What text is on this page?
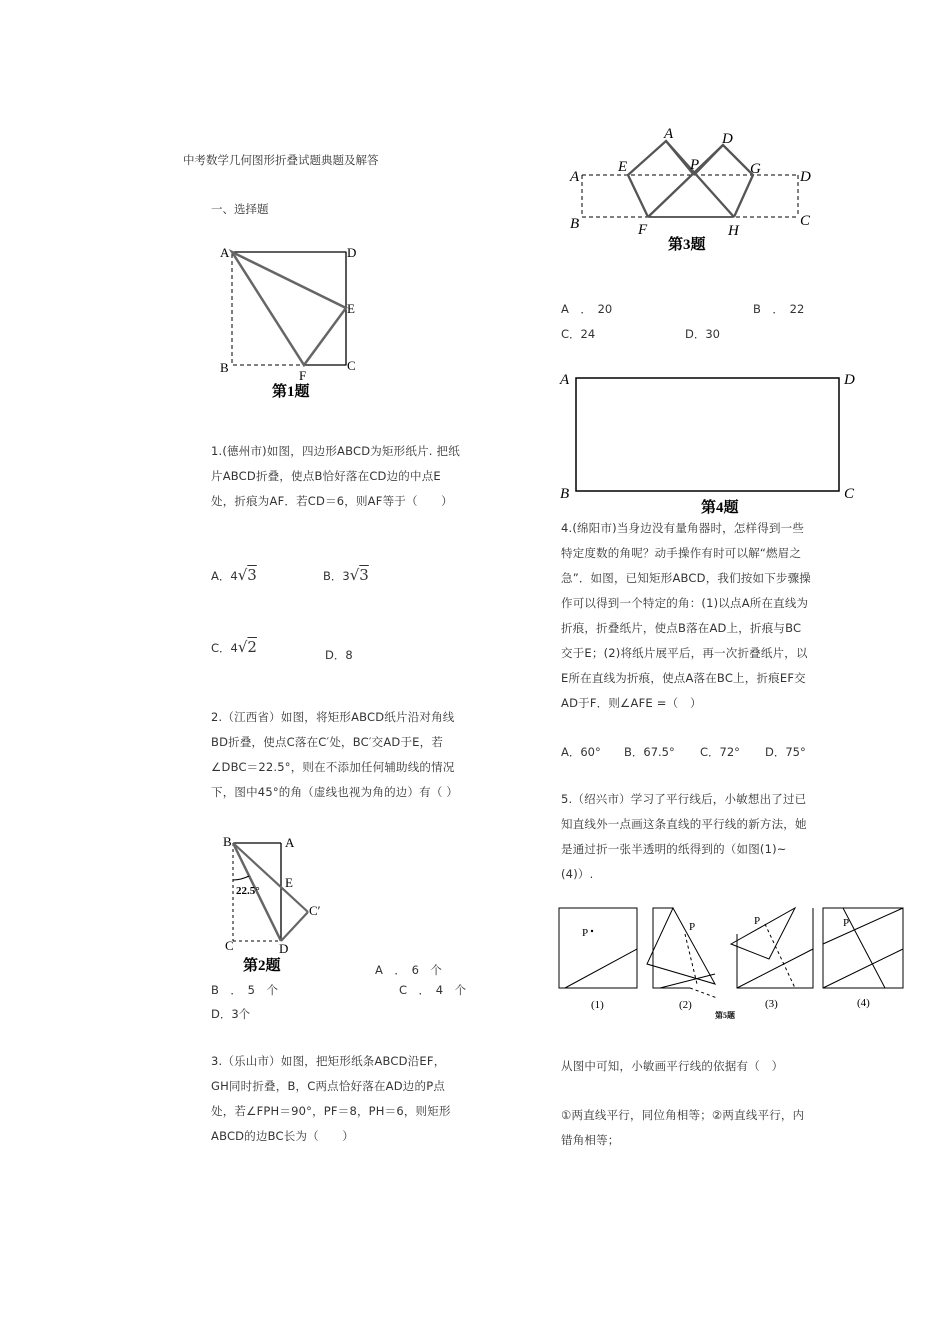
中考数学几何图形折叠试题典题及解答
一、选择题
A	D
E
B
F
C
第1题
1.(德州市)如图，四边形ABCD为矩形纸片. 把纸片ABCD折叠，使点B恰好落在CD边的中点E处，折痕为AF．若CD＝6，则AF等于（　　）
A．4√3	B．3√3
C．4√2	D．8
2.（江西省）如图，将矩形ABCD纸片沿对角线BD折叠，使点C落在C′处，BC′交AD于E，若∠DBC＝22.5°，则在不添加任何辅助线的情况下，图中45°的角（虚线也视为角的边）有（ ）
B	A
E
C′
C	D
22.5°
第2题	A　．　6　个
B　．　5　个	C　．　4　个
D．3个
3.（乐山市）如图，把矩形纸条ABCD沿EF，GH同时折叠，B，C两点恰好落在AD边的P点处，若∠FPH＝90°，PF＝8，PH＝6，则矩形ABCD的边BC长为（　　）
A	D
E	P	G
A	D
B	F	H
C
第3题
A　．　20	B　．　22
C．24	D．30
A	D
B	C
第4题
4.(绵阳市)当身边没有量角器时，怎样得到一些特定度数的角呢？动手操作有时可以解“燃眉之急”．如图，已知矩形ABCD，我们按如下步骤操作可以得到一个特定的角：(1)以点A所在直线为折痕，折叠纸片，使点B落在AD上，折痕与BC交于E；(2)将纸片展平后，再一次折叠纸片，以E所在直线为折痕，使点A落在BC上，折痕EF交AD于F．则∠AFE =（　）
A．60° B．67.5° C．72° D．75°
5.（绍兴市）学习了平行线后，小敏想出了过已知直线外一点画这条直线的平行线的新方法，她是通过折一张半透明的纸得到的（如图(1)~(4)）.
P
(1)
P
(2)
P
(3)
P
(4)
第5题
从图中可知，小敏画平行线的依据有（　）
①两直线平行，同位角相等；②两直线平行，内错角相等；
